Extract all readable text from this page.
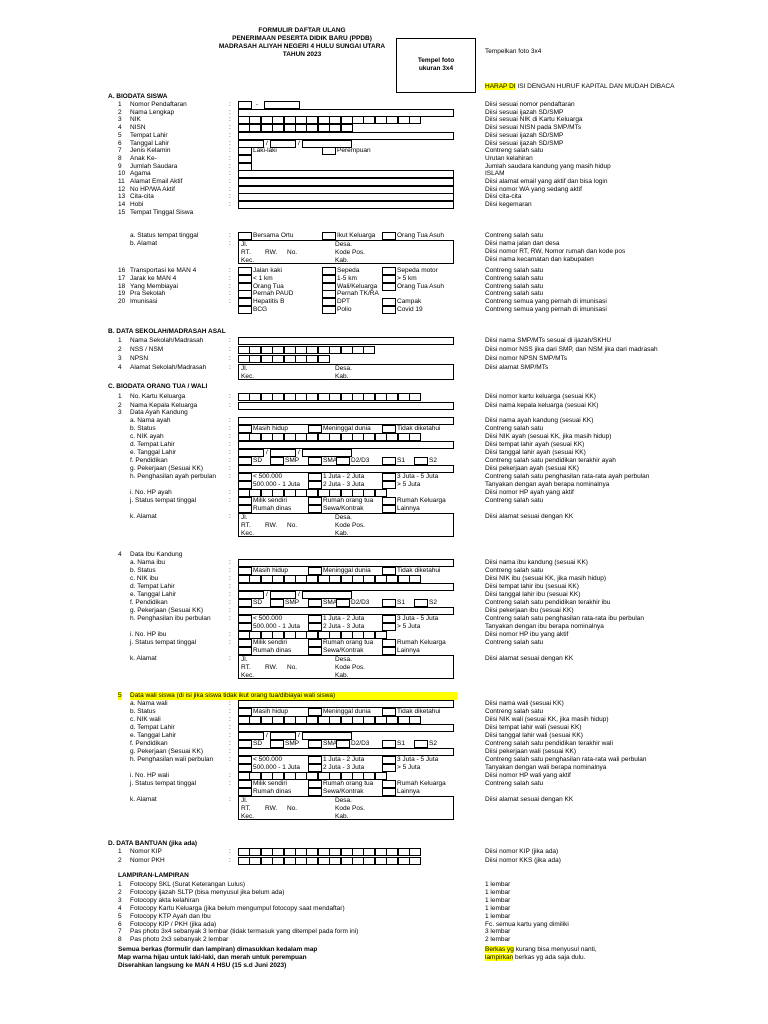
FORMULIR DAFTAR ULANG
PENERIMAAN PESERTA DIDIK BARU (PPDB)
MADRASAH ALIYAH NEGERI 4 HULU SUNGAI UTARA
TAHUN 2023
Tempel foto
ukuran 3x4
Tempelkan foto 3x4
HARAP DI ISI DENGAN HURUF KAPITAL DAN MUDAH DIBACA
A. BIODATA SISWA
1 Nomor Pendaftaran	:	-	Diisi sesuai nomor pendaftaran
2 Nama Lengkap	:	Diisi sesuai ijazah SD/SMP
3 NIK	:	Diisi sesuai NIK di Kartu Keluarga
4 NISN	:	Diisi sesuai NISN pada SMP/MTs
5 Tempat Lahir	:	Diisi sesuai ijazah SD/SMP
6 Tanggal Lahir	:	/	/	Diisi sesuai ijazah SD/SMP
7 Jenis Kelamin	:	Laki-laki	Perempuan	Contreng salah satu
8 Anak Ke-	:	Urutan kelahiran
9 Jumlah Saudara	:	Jumlah saudara kandung yang masih hidup
10 Agama	:	ISLAM
11 Alamat Email Aktif	:	Diisi alamat email yang aktif dan bisa login
12 No HP/WA Aktif	:	Diisi nomor WA yang sedang aktif
13 Cita-cita	:	Diisi cita-cita
14 Hobi	:	Diisi kegemaran
15 Tempat Tinggal Siswa
a. Status tempat tinggal	:	Bersama Ortu	Ikut Keluarga	Orang Tua Asuh	Contreng salah satu
b. Alamat	: Jl.	Desa.
RT. RW. No.	Kode Pos.
Kec.	Kab.
Diisi nama jalan dan desa
Diisi nomor RT, RW, Nomor rumah dan kode pos
Diisi nama kecamatan dan kabupaten
16 Transportasi ke MAN 4	:	Jalan kaki	Sepeda	Sepeda motor	Contreng salah satu
17 Jarak ke MAN 4	:	< 1 km	1-5 km	> 5 km	Contreng salah satu
18 Yang Membiayai	:	Orang Tua	Wali/Keluarga	Orang Tua Asuh	Contreng salah satu
19 Pra Sekolah	:	Pernah PAUD	Pernah TK/RA	Contreng salah satu
20 Imunisasi	:	Hepatitis B	DPT	Campak	Contreng semua yang pernah di imunisasi
BCG	Polio	Covid 19	Contreng semua yang pernah di imunisasi
B. DATA SEKOLAH/MADRASAH ASAL
1 Nama Sekolah/Madrasah	:	Diisi nama SMP/MTs sesuai di ijazah/SKHU
2 NSS / NSM	:	Diisi nomor NSS jika dari SMP, dan NSM jika dari madrasah
3 NPSN	:	Diisi nomor NPSN SMP/MTs
4 Alamat Sekolah/Madrasah	: Jl.	Desa.
Kec.	Kab.
Diisi alamat SMP/MTs
C. BIODATA ORANG TUA / WALI
1 No. Kartu Keluarga	:	Diisi nomor kartu keluarga (sesuai KK)
2 Nama Kepala Keluarga	:	Diisi nama kepala keluarga (sesuai KK)
3 Data Ayah Kandung
a. Nama ayah	:	Diisi nama ayah kandung (sesuai KK)
b. Status	:	Masih hidup	Meninggal dunia	Tidak diketahui	Contreng salah satu
c. NIK ayah	:	Diisi NIK ayah (sesuai KK, jika masih hidup)
d. Tempat Lahir	:	Diisi tempat lahir ayah (sesuai KK)
e. Tanggal Lahir	:	/	/	Diisi tanggal lahir ayah (sesuai KK)
f. Pendidikan	:	SD	SMP	SMA	D2/D3	S1	S2	Contreng salah satu pendidikan terakhir ayah
g. Pekerjaan (Sesuai KK)	:	Diisi pekerjaan ayah (sesuai KK)
h. Penghasilan ayah perbulan :	< 500.000	1 Juta - 2 Juta	3 Juta - 5 Juta	Contreng salah satu penghasilan rata-rata ayah perbulan
500.000 - 1 Juta	2 Juta - 3 Juta	> 5 Juta	Tanyakan dengan ayah berapa nominalnya
i. No. HP ayah	:	Diisi nomor HP ayah yang aktif
j. Status tempat tinggal	:	Milik sendiri	Rumah orang tua	Rumah Keluarga	Contreng salah satu
Rumah dinas	Sewa/Kontrak	Lainnya
k. Alamat	: Jl.	Desa.
RT. RW. No.	Kode Pos.
Kec.	Kab.
Diisi alamat sesuai dengan KK
4 Data Ibu Kandung
a. Nama ibu	:	Diisi nama ibu kandung (sesuai KK)
b. Status	:	Masih hidup	Meninggal dunia	Tidak diketahui	Contreng salah satu
c. NIK ibu	:	Diisi NIK ibu (sesuai KK, jika masih hidup)
d. Tempat Lahir	:	Diisi tempat lahir ibu (sesuai KK)
e. Tanggal Lahir	:	/	/	Diisi tanggal lahir ibu (sesuai KK)
f. Pendidikan	:	SD	SMP	SMA	D2/D3	S1	S2	Contreng salah satu pendidikan terakhir ibu
g. Pekerjaan (Sesuai KK)	:	Diisi pekerjaan ibu (sesuai KK)
h. Penghasilan ibu perbulan	:	< 500.000	1 Juta - 2 Juta	3 Juta - 5 Juta	Contreng salah satu penghasilan rata-rata ibu perbulan
500.000 - 1 Juta	2 Juta - 3 Juta	> 5 Juta	Tanyakan dengan ibu berapa nominalnya
i. No. HP ibu	:	Diisi nomor HP ibu yang aktif
j. Status tempat tinggal	:	Milik sendiri	Rumah orang tua	Rumah Keluarga	Contreng salah satu
Rumah dinas	Sewa/Kontrak	Lainnya
k. Alamat	: Jl.	Desa.
RT. RW. No.	Kode Pos.
Kec.	Kab.
Diisi alamat sesuai dengan KK
5 Data wali siswa (di isi jika siswa tidak ikut orang tua/dibiayai wali siswa)
a. Nama wali	:	Diisi nama wali (sesuai KK)
b. Status	:	Masih hidup	Meninggal dunia	Tidak diketahui	Contreng salah satu
c. NIK wali	:	Diisi NIK wali (sesuai KK, jika masih hidup)
d. Tempat Lahir	:	Diisi tempat lahir wali (sesuai KK)
e. Tanggal Lahir	:	/	/	Diisi tanggal lahir wali (sesuai KK)
f. Pendidikan	:	SD	SMP	SMA	D2/D3	S1	S2	Contreng salah satu pendidikan terakhir wali
g. Pekerjaan (Sesuai KK)	:	Diisi pekerjaan wali (sesuai KK)
h. Penghasilan wali perbulan :	< 500.000	1 Juta - 2 Juta	3 Juta - 5 Juta	Contreng salah satu penghasilan rata-rata wali perbulan
500.000 - 1 Juta	2 Juta - 3 Juta	> 5 Juta	Tanyakan dengan wali berapa nominalnya
i. No. HP wali	:	Diisi nomor HP wali yang aktif
j. Status tempat tinggal	:	Milik sendiri	Rumah orang tua	Rumah Keluarga	Contreng salah satu
Rumah dinas	Sewa/Kontrak	Lainnya
k. Alamat	: Jl.	Desa.
RT. RW. No.	Kode Pos.
Kec.	Kab.
Diisi alamat sesuai dengan KK
D. DATA BANTUAN (jika ada)
1 Nomor KIP	:	Diisi nomor KIP (jika ada)
2 Nomor PKH	:	Diisi nomor KKS (jika ada)
LAMPIRAN-LAMPIRAN
1 Fotocopy SKL (Surat Keterangan Lulus)	1 lembar
2 Fotocopy ijazah SLTP (bisa menyusul jika belum ada)	1 lembar
3 Fotocopy akta kelahiran	1 lembar
4 Fotocopy Kartu Keluarga (jika belum mengumpul fotocopy saat mendaftar)	1 lembar
5 Fotocopy KTP Ayah dan Ibu	1 lembar
6 Fotocopy KIP / PKH (jika ada)	Fc. semua kartu yang dimiliki
7 Pas photo 3x4 sebanyak 3 lembar (tidak termasuk yang ditempel pada form ini)	3 lembar
8 Pas photo 2x3 sebanyak 2 lembar	2 lembar
Semua berkas (formulir dan lampiran) dimasukkan kedalam map	Berkas yg kurang bisa menyusul nanti,
Map warna hijau untuk laki-laki, dan merah untuk perempuan	lampirkan berkas yg ada saja dulu.
Diserahkan langsung ke MAN 4 HSU (15 s.d Juni 2023)
